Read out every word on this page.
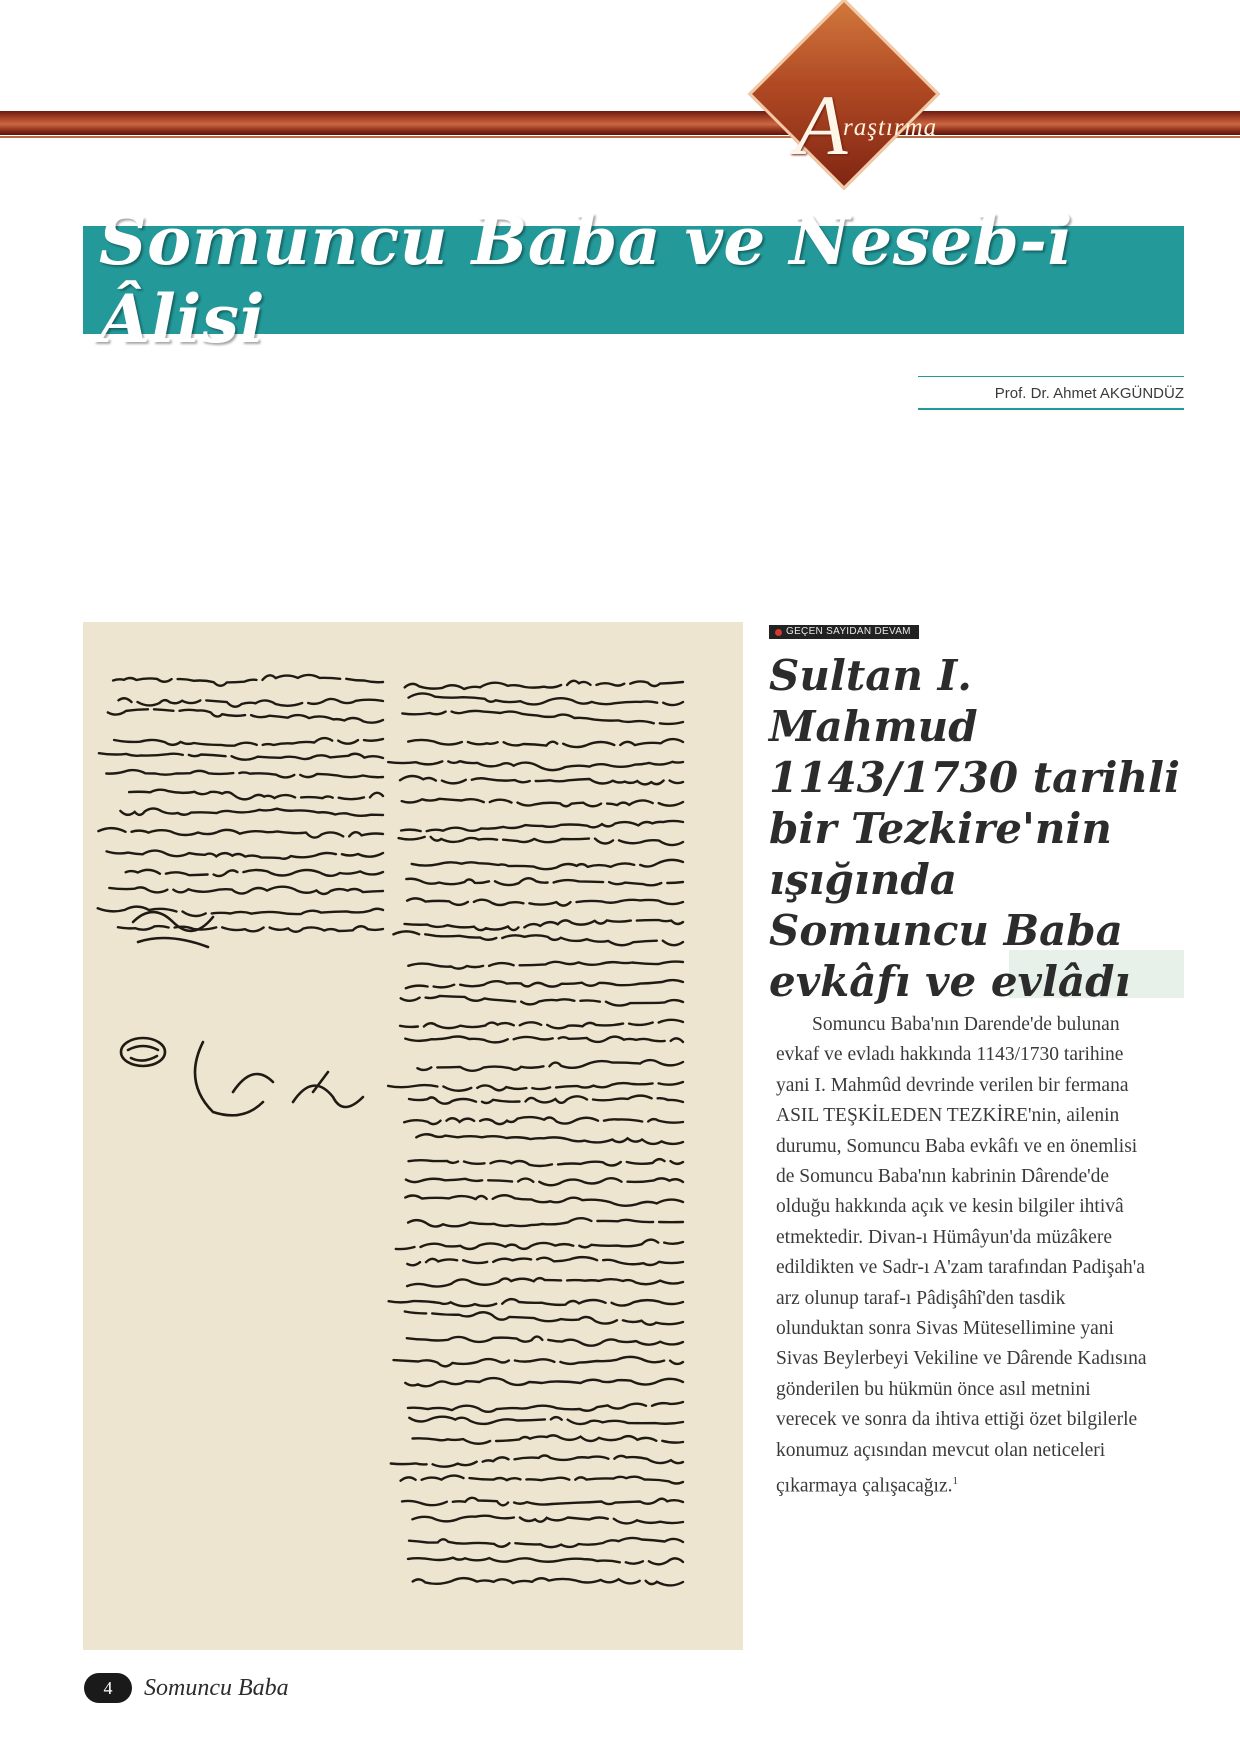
A
raştırma
Somuncu Baba ve Neseb-i Âlisi
Prof. Dr. Ahmet AKGÜNDÜZ
GEÇEN SAYIDAN DEVAM
Sultan I. Mahmud 1143/1730 tarihli bir Tezkire'nin ışığında Somuncu Baba evkâfı ve evlâdı

Somuncu Baba'nın Darende'de bulunan evkaf ve evladı hakkında 1143/1730 tarihine yani I. Mahmûd devrinde verilen bir fermana ASIL TEŞKİLEDEN TEZKİRE'nin, ailenin durumu, Somuncu Baba evkâfı ve en önemlisi de Somuncu Baba'nın kabrinin Dârende'de olduğu hakkında açık ve kesin bilgiler ihtivâ etmektedir. Divan-ı Hümâyun'da müzâkere edildikten ve Sadr-ı A'zam tarafından Padişah'a arz olunup taraf-ı Pâdişâhî'den tasdik olunduktan sonra Sivas Mütesellimine yani Sivas Beylerbeyi Vekiline ve Dârende Kadısına gönderilen bu hükmün önce asıl metnini verecek ve sonra da ihtiva ettiği özet bilgilerle konumuz açısından mevcut olan neticeleri çıkarmaya çalışacağız.$^1$

4	Somuncu Baba
